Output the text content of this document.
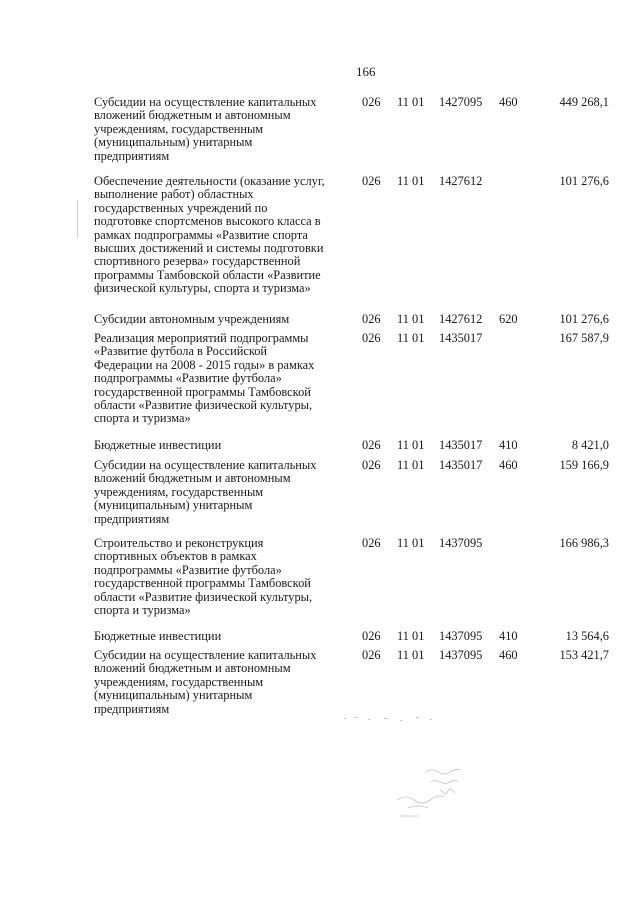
166
Субсидии на осуществление капитальных
вложений бюджетным и автономным
учреждениям, государственным
(муниципальным) унитарным
предприятиям
026 11 01 1427095 460	449 268,1
Обеспечение деятельности (оказание услуг,
выполнение работ) областных
государственных учреждений по
подготовке спортсменов высокого класса в
рамках подпрограммы «Развитие спорта
высших достижений и системы подготовки
спортивного резерва» государственной
программы Тамбовской области «Развитие
физической культуры, спорта и туризма»
026 11 01 1427612	101 276,6
Субсидии автономным учреждениям	026 11 01 1427612 620	101 276,6
Реализация мероприятий подпрограммы
«Развитие футбола в Российской
Федерации на 2008 - 2015 годы» в рамках
подпрограммы «Развитие футбола»
государственной программы Тамбовской
области «Развитие физической культуры,
спорта и туризма»
026 11 01 1435017	167 587,9
Бюджетные инвестиции	026 11 01 1435017 410	8 421,0
Субсидии на осуществление капитальных
вложений бюджетным и автономным
учреждениям, государственным
(муниципальным) унитарным
предприятиям
026 11 01 1435017 460	159 166,9
Строительство и реконструкция
спортивных объектов в рамках
подпрограммы «Развитие футбола»
государственной программы Тамбовской
области «Развитие физической культуры,
спорта и туризма»
026 11 01 1437095	166 986,3
Бюджетные инвестиции	026 11 01 1437095 410	13 564,6
Субсидии на осуществление капитальных
вложений бюджетным и автономным
учреждениям, государственным
(муниципальным) унитарным
предприятиям
026 11 01 1437095 460	153 421,7
